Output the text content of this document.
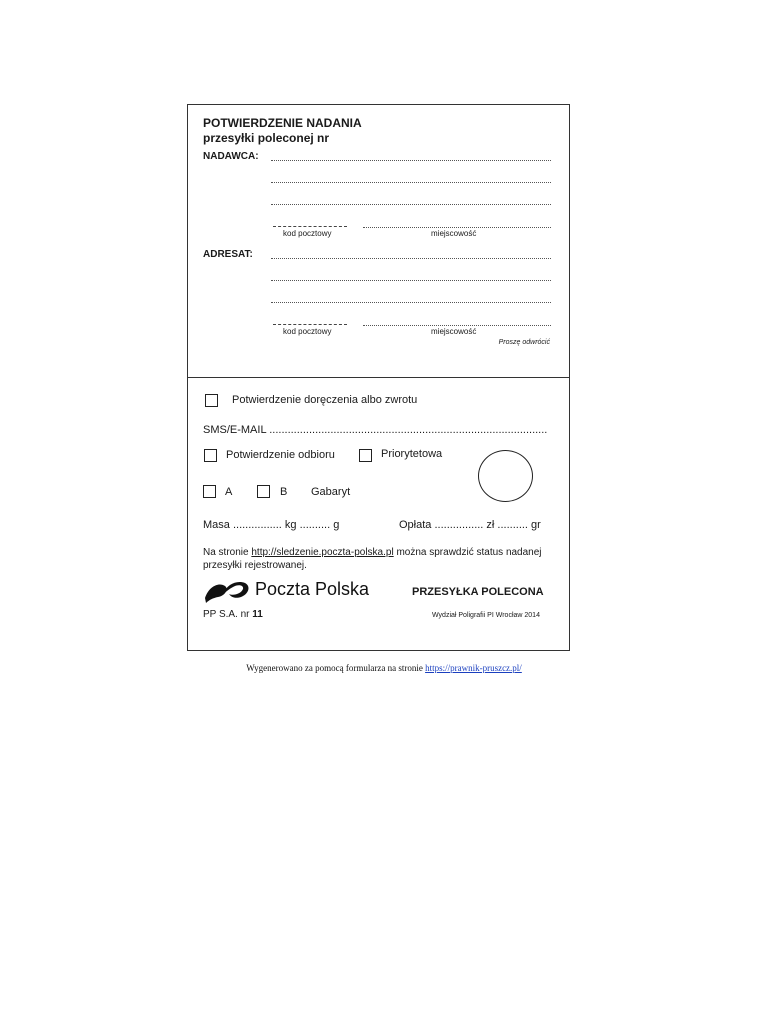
POTWIERDZENIE NADANIA
przesyłki poleconej nr
NADAWCA:
kod pocztowy	miejscowość
ADRESAT:
kod pocztowy	miejscowość
Proszę odwrócić
Potwierdzenie doręczenia albo zwrotu
SMS/E-MAIL ...........................................................................................
Potwierdzenie odbioru	Priorytetowa
A	B Gabaryt
Masa ................ kg .......... g	Opłata ................ zł .......... gr
Na stronie http://sledzenie.poczta-polska.pl można sprawdzić status nadanej
przesyłki rejestrowanej.
Poczta Polska	PRZESYŁKA POLECONA
PP S.A. nr 11	Wydział Poligrafii PI Wrocław 2014
Wygenerowano za pomocą formularza na stronie https://prawnik-pruszcz.pl/
